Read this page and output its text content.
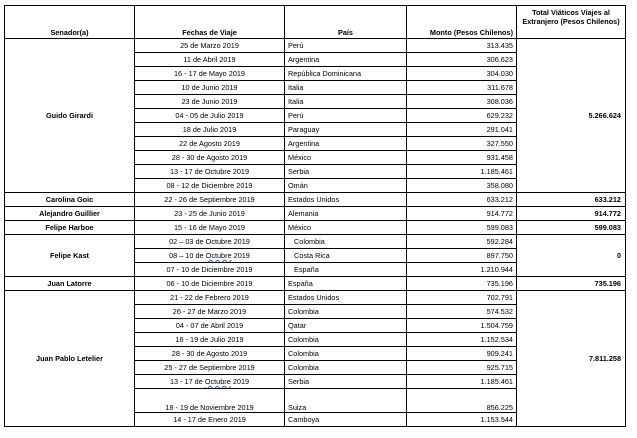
Senador(a)	Fechas de Viaje	País	Monto (Pesos Chilenos)	Total Viáticos Viajes al Extranjero (Pesos Chilenos)
Guido Girardi	25 de Marzo 2019	Perú	313.435	5.266.624
	11 de Abril 2019	Argentina	306.623	
	16 - 17 de Mayo 2019	República Dominicana	304.030	
	10 de Junio 2019	Italia	311.678	
	23 de Junio 2019	Italia	308.036	
	04 - 05 de Julio 2019	Perú	629.232	
	18 de Julio 2019	Paraguay	291.041	
	22 de Agosto 2019	Argentina	327.550	
	28 - 30 de Agosto 2019	México	931.458	
	13 - 17 de Octubre 2019	Serbia	1.185.461	
	08 - 12 de Diciembre 2019	Omán	358.080	
Carolina Goic	22 - 26 de Septiembre 2019	Estados Unidos	633.212	633.212
Alejandro Guillier	23 - 25 de Junio 2019	Alemania	914.772	914.772
Felipe Harboe	15 - 16 de Mayo 2019	México	599.083	599.083
Felipe Kast	02 – 03 de Octubre 2019	Colombia	592.284	0
	08 – 10 de Octubre 2019	Costa Rica	897.750	
	07 - 10 de Diciembre 2019	España	1.210.944	
Juan Latorre	06 - 10 de Diciembre 2019	España	735.196	735.196
Juan Pablo Letelier	21 - 22 de Febrero 2019	Estados Unidos	702.791	7.811.258
	26 - 27 de Marzo 2019	Colombia	574.532	
	04 - 07 de Abril 2019	Qatar	1.504.759	
	16 - 19 de Julio 2019	Colombia	1.152.534	
	28 - 30 de Agosto 2019	Colombia	909.241	
	25 - 27 de Septiembre 2019	Colombia	925.715	
	13 - 17 de Octubre 2019	Serbia	1.185.461	
	18 - 19 de Noviembre 2019	Suiza	856.225	
	14 - 17 de Enero 2019	Camboya	1.153.544	
